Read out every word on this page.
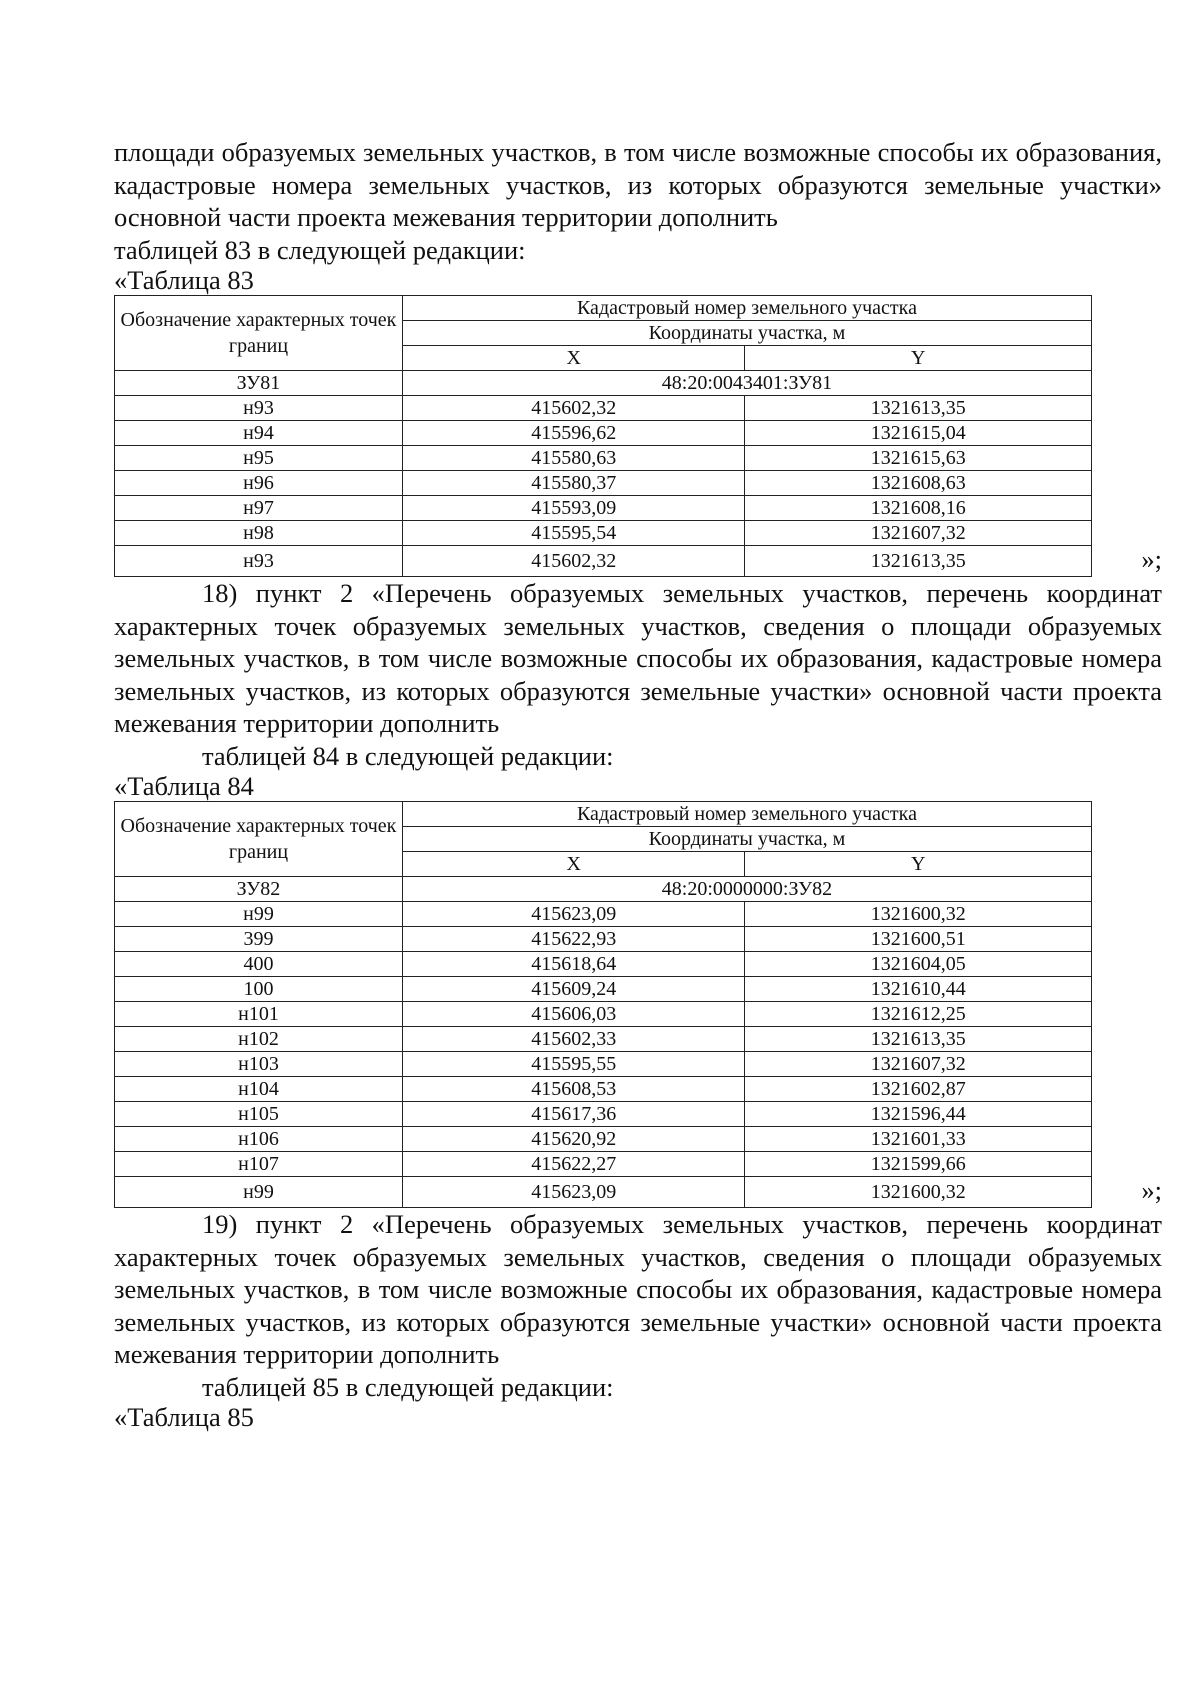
площади образуемых земельных участков, в том числе возможные способы их образования, кадастровые номера земельных участков, из которых образуются земельные участки» основной части проекта межевания территории дополнить
таблицей 83 в следующей редакции:

«Таблица 83

Обозначение характерных точек границ	Кадастровый номер земельного участка	
	Координаты участка, м	
	X	Y
ЗУ81	48:20:0043401:ЗУ81	
н93	415602,32	1321613,35
н94	415596,62	1321615,04
н95	415580,63	1321615,63
н96	415580,37	1321608,63
н97	415593,09	1321608,16
н98	415595,54	1321607,32
н93	415602,32	1321613,35	»;

18) пункт 2 «Перечень образуемых земельных участков, перечень координат характерных точек образуемых земельных участков, сведения о площади образуемых земельных участков, в том числе возможные способы их образования, кадастровые номера земельных участков, из которых образуются земельные участки» основной части проекта межевания территории дополнить
таблицей 84 в следующей редакции:

«Таблица 84

Обозначение характерных точек границ	Кадастровый номер земельного участка	
	Координаты участка, м	
	X	Y
ЗУ82	48:20:0000000:ЗУ82	
н99	415623,09	1321600,32
399	415622,93	1321600,51
400	415618,64	1321604,05
100	415609,24	1321610,44
н101	415606,03	1321612,25
н102	415602,33	1321613,35
н103	415595,55	1321607,32
н104	415608,53	1321602,87
н105	415617,36	1321596,44
н106	415620,92	1321601,33
н107	415622,27	1321599,66
н99	415623,09	1321600,32	»;

19) пункт 2 «Перечень образуемых земельных участков, перечень координат характерных точек образуемых земельных участков, сведения о площади образуемых земельных участков, в том числе возможные способы их образования, кадастровые номера земельных участков, из которых образуются земельные участки» основной части проекта межевания территории дополнить
таблицей 85 в следующей редакции:

«Таблица 85
